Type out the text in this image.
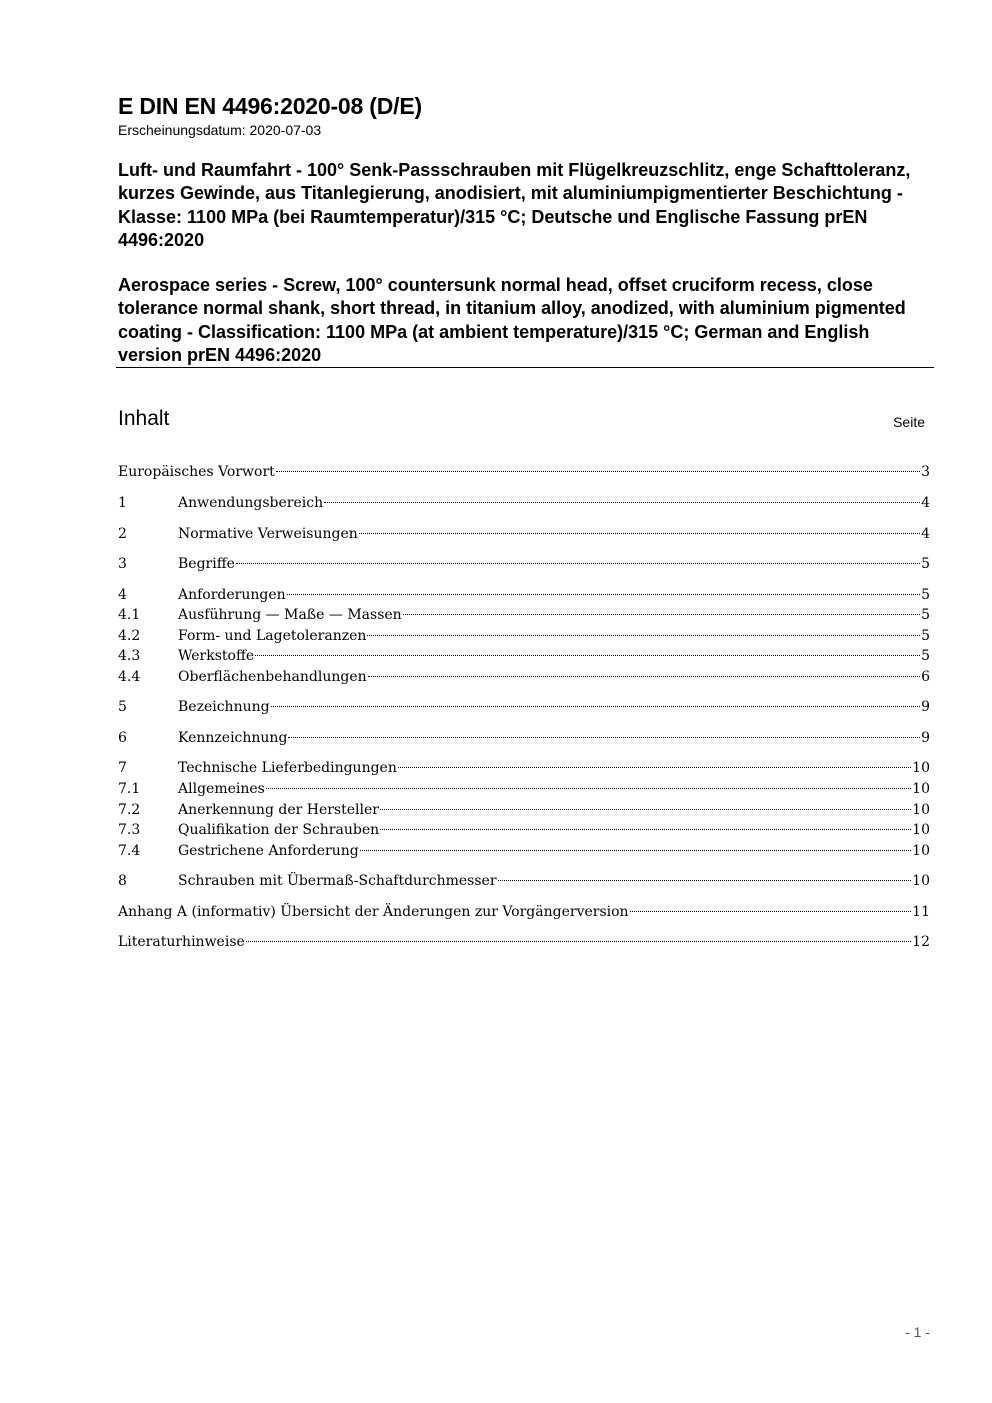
E DIN EN 4496:2020-08 (D/E)
Erscheinungsdatum: 2020-07-03

Luft- und Raumfahrt - 100° Senk-Passschrauben mit Flügelkreuzschlitz, enge Schafttoleranz, kurzes Gewinde, aus Titanlegierung, anodisiert, mit aluminiumpigmentierter Beschichtung - Klasse: 1100 MPa (bei Raumtemperatur)/315 °C; Deutsche und Englische Fassung prEN 4496:2020

Aerospace series - Screw, 100° countersunk normal head, offset cruciform recess, close tolerance normal shank, short thread, in titanium alloy, anodized, with aluminium pigmented coating - Classification: 1100 MPa (at ambient temperature)/315 °C; German and English version prEN 4496:2020

Inhalt	Seite
Europäisches Vorwort	3
1	Anwendungsbereich	4
2	Normative Verweisungen	4
3	Begriffe	5
4	Anforderungen	5
4.1	Ausführung — Maße — Massen	5
4.2	Form- und Lagetoleranzen	5
4.3	Werkstoffe	5
4.4	Oberflächenbehandlungen	6
5	Bezeichnung	9
6	Kennzeichnung	9
7	Technische Lieferbedingungen	10
7.1	Allgemeines	10
7.2	Anerkennung der Hersteller	10
7.3	Qualifikation der Schrauben	10
7.4	Gestrichene Anforderung	10
8	Schrauben mit Übermaß-Schaftdurchmesser	10
Anhang A (informativ) Übersicht der Änderungen zur Vorgängerversion	11
Literaturhinweise	12
- 1 -
